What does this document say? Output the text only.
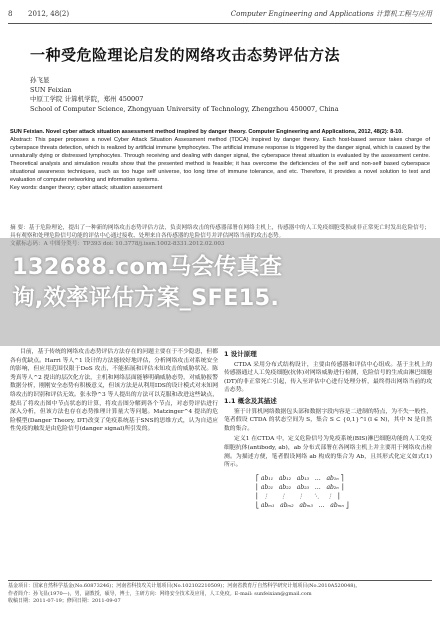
8 2012, 48(2)	Computer Engineering and Applications 计算机工程与应用
一种受危险理论启发的网络攻击态势评估方法
孙飞显
SUN Feixian
中原工学院 计算机学院，郑州 450007
School of Computer Science, Zhongyuan University of Technology, Zhengzhou 450007, China

SUN Feixian. Novel cyber attack situation assessment method inspired by danger theory. Computer Engineering and Applications, 2012, 48(2): 8-10.

Abstract: This paper proposes a novel Cyber Attack Situation Assessment method (TDCA) inspired by danger theory. Each host-based sensor takes charge of cyberspace threats detection, which is realized by artificial immune lymphocytes. The artificial immune response is triggered by the danger signal, which is caused by the unnaturally dying or distressed lymphocytes. Through receiving and dealing with danger signal, the cyberspace threat situation is evaluated by the assessment centre. Theoretical analysis and simulation results show that the presented method is feasible; it has overcome the deficiencies of the self and non-self based cyberspace situational awareness techniques, such as too huge self universe, too long time of immune tolerance, and etc. Therefore, it provides a novel solution to test and evaluation of computer networking and information systems.

Key words: danger theory; cyber attack; situation assessment

摘 要：基于危险理论，提出了一种新的网络攻击态势评估方法，负责网络攻击的传感器部署在网络主机上，传感器中的人工免疫细胞受损或非正常死亡时发出危险信号；具有观察和处理危险信号功能的评估中心通过接收、处理来自各传感器的危险信号并评估网络当前的攻击态势。
文献标志码：A 中图分类号：TP393 doi: 10.3778/j.issn.1002-8331.2012.02.003
132688.com马会传真查
询,效率评估方案_SFE15.

目前，基于传统的网络攻击态势评估方法存在的问题主要在于不少隐患，但都各有优缺点。Harri 等人^1 设计的方法能较好地评估，分析网络攻击对系统安全的影响，但应用范围仅限于DoS 攻击，不能拓展和评估未知攻击的威胁状况。陈秀真等人^2 提出的层次化方法，主机和网络层面能够明确威胁态势，对威胁报警数据分析，刚刚安全态势有积极意义，但该方法是从利用IDS的设计模式对未知网络攻击的识别和评估无效。张永铮^3 等人提出的方法可以克服和改进这些缺点，提出了将攻击图中节点状态的计算，将攻击图分解到各个节点，对态势评估进行深入分析，但该方法也存在态势推理计算量大等问题。Matzinger^4 提出的危险模型(Danger Theory, DT)改变了免疫系统基于SNS的思维方式，认为自适应性免疫的触发是由危险信号(danger signal)所引发的。

1 设计原理

CTDA 采用分布式结构设计，主要由传感器和评估中心组成。基于主机上的传感器通过人工免疫细胞(抗体)对网络威胁进行检测，危险信号的生成由淋巴细胞(DT)的非正常死亡引起，传入至评估中心进行处理分析，最终得出网络当前的攻击态势。

1.1 概念及其描述

鉴于计算机网络数据包头部和数据字段内容是二进制的特点，为不失一般性，笔者假设 CTDA 的状态空间为 S，集合 S ⊂ {0,1}^l (l ∈ N)，其中 N 是自然数的集合。

定义1 在CTDA 中，定义危险信号为免疫系统(BIS)淋巴细胞功能的人工免疫细胞抗体(antibody, ab)，ab 分布式部署在各网络主机上并主要用于网络攻击检测。为描述方便，笔者假设网络 ab 构成的集合为 Ab，且其形式化定义如式(1)所示。

⎡ ab₁₁   ab₁₂   ab₁₃   …   ab₁ₙ ⎤
⎢ ab₂₁   ab₂₂   ab₂₃   …   ab₂ₙ ⎥
⎢  ⋮      ⋮      ⋮     ⋱    ⋮  ⎥
⎣ abₘ₁   abₘ₂   abₘ₃   …   abₘₙ ⎦
基金项目：国家自然科学基金(No.60873246)；河南省科技攻关计划项目(No.102102210509)；河南省教育厅自然科学研究计划项目(No.2010A520048)。
作者简介：孙飞显(1970—)，男，副教授，硕导，博士，主研方向：网络安全技术及应用，人工免疫。E-mail: sunfeixian@gmail.com
收稿日期：2011-07-19；修回日期：2011-09-07
